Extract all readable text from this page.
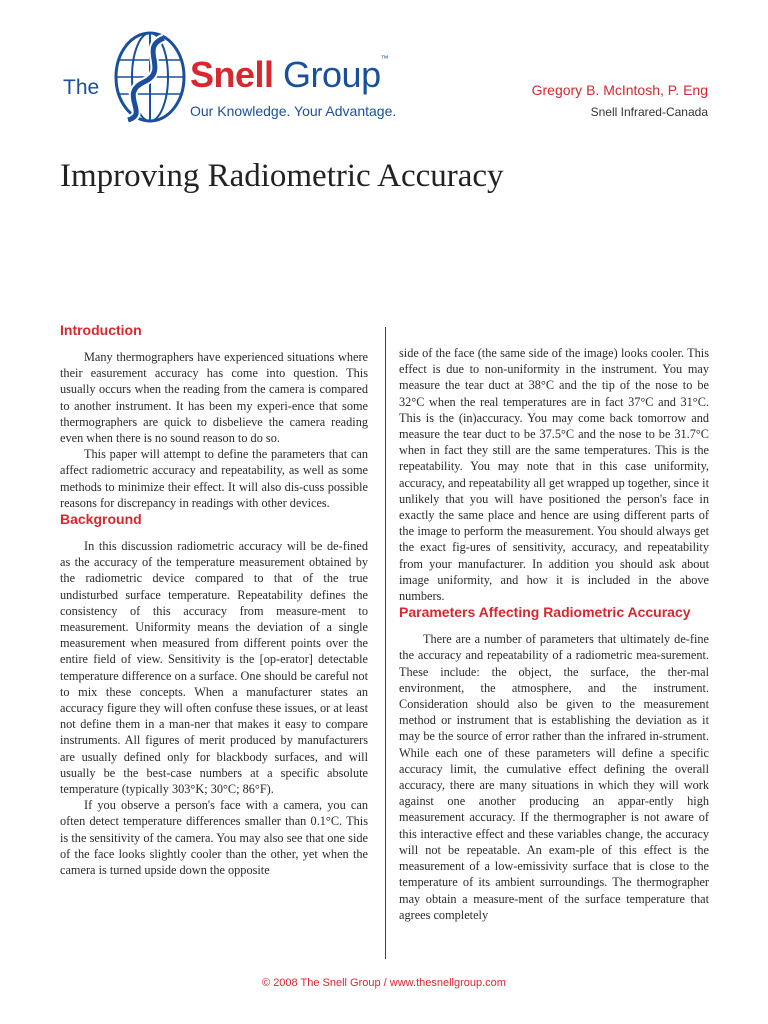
The	Snell Group™
Our Knowledge. Your Advantage.
Gregory B. McIntosh, P. Eng
Snell Infrared-Canada
Improving Radiometric Accuracy
Introduction

Many thermographers have experienced situations where their easurement accuracy has come into question. This usually occurs when the reading from the camera is compared to another instrument. It has been my experi-ence that some thermographers are quick to disbelieve the camera reading even when there is no sound reason to do so.

This paper will attempt to define the parameters that can affect radiometric accuracy and repeatability, as well as some methods to minimize their effect. It will also dis-cuss possible reasons for discrepancy in readings with other devices.

Background

In this discussion radiometric accuracy will be de-fined as the accuracy of the temperature measurement obtained by the radiometric device compared to that of the true undisturbed surface temperature. Repeatability defines the consistency of this accuracy from measure-ment to measurement. Uniformity means the deviation of a single measurement when measured from different points over the entire field of view. Sensitivity is the [op-erator] detectable temperature difference on a surface. One should be careful not to mix these concepts. When a manufacturer states an accuracy figure they will often confuse these issues, or at least not define them in a man-ner that makes it easy to compare instruments. All figures of merit produced by manufacturers are usually defined only for blackbody surfaces, and will usually be the best-case numbers at a specific absolute temperature (typically 303°K; 30°C; 86°F).

If you observe a person's face with a camera, you can often detect temperature differences smaller than 0.1°C. This is the sensitivity of the camera. You may also see that one side of the face looks slightly cooler than the other, yet when the camera is turned upside down the opposite

side of the face (the same side of the image) looks cooler. This effect is due to non-uniformity in the instrument. You may measure the tear duct at 38°C and the tip of the nose to be 32°C when the real temperatures are in fact 37°C and 31°C. This is the (in)accuracy. You may come back tomorrow and measure the tear duct to be 37.5°C and the nose to be 31.7°C when in fact they still are the same temperatures. This is the repeatability. You may note that in this case uniformity, accuracy, and repeatability all get wrapped up together, since it unlikely that you will have positioned the person's face in exactly the same place and hence are using different parts of the image to perform the measurement. You should always get the exact fig-ures of sensitivity, accuracy, and repeatability from your manufacturer. In addition you should ask about image uniformity, and how it is included in the above numbers.

Parameters Affecting Radiometric Accuracy

There are a number of parameters that ultimately de-fine the accuracy and repeatability of a radiometric mea-surement. These include: the object, the surface, the ther-mal environment, the atmosphere, and the instrument. Consideration should also be given to the measurement method or instrument that is establishing the deviation as it may be the source of error rather than the infrared in-strument. While each one of these parameters will define a specific accuracy limit, the cumulative effect defining the overall accuracy, there are many situations in which they will work against one another producing an appar-ently high measurement accuracy. If the thermographer is not aware of this interactive effect and these variables change, the accuracy will not be repeatable. An exam-ple of this effect is the measurement of a low-emissivity surface that is close to the temperature of its ambient surroundings. The thermographer may obtain a measure-ment of the surface temperature that agrees completely

© 2008 The Snell Group / www.thesnellgroup.com
